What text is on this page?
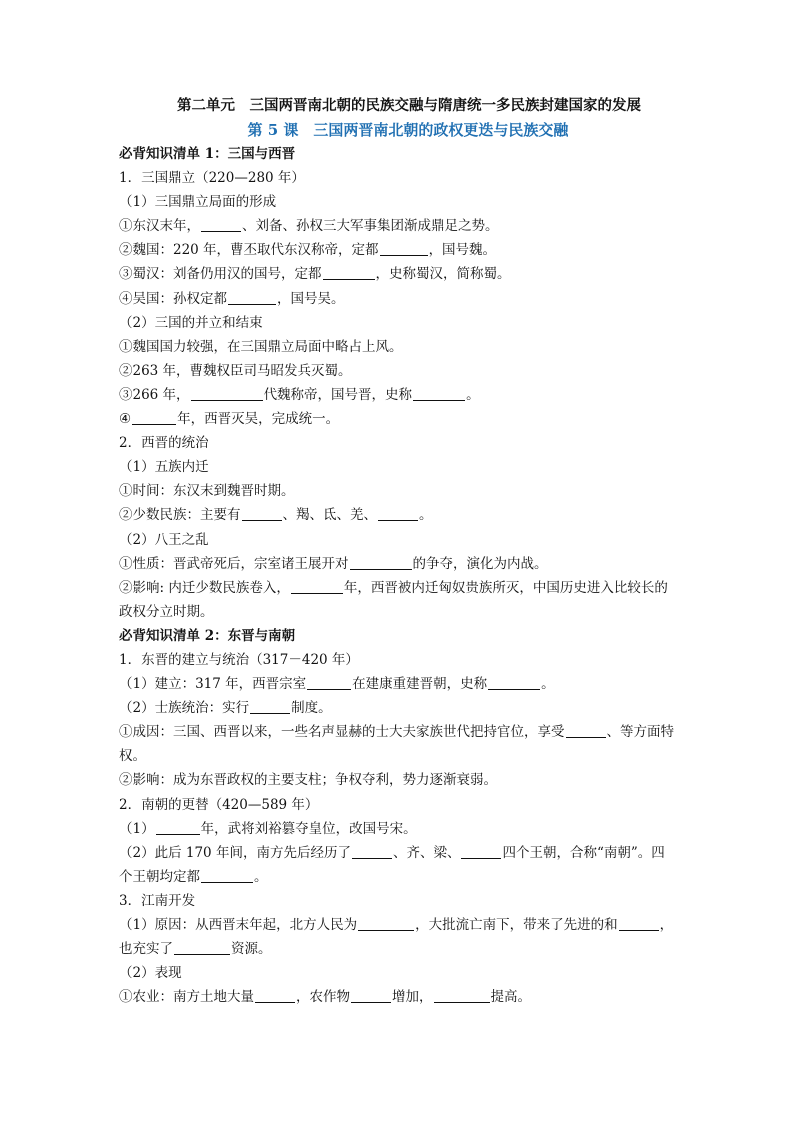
第二单元　三国两晋南北朝的民族交融与隋唐统一多民族封建国家的发展
第 5 课　三国两晋南北朝的政权更迭与民族交融
必背知识清单 1：三国与西晋
1．三国鼎立（220—280 年）
（1）三国鼎立局面的形成
①东汉末年，	、刘备、孙权三大军事集团渐成鼎足之势。
②魏国：220 年，曹丕取代东汉称帝，定都	，国号魏。
③蜀汉：刘备仍用汉的国号，定都	，史称蜀汉，简称蜀。
④吴国：孙权定都	，国号吴。
（2）三国的并立和结束
①魏国国力较强，在三国鼎立局面中略占上风。
②263 年，曹魏权臣司马昭发兵灭蜀。
③266 年，	代魏称帝，国号晋，史称	。
④	年，西晋灭吴，完成统一。
2．西晋的统治
（1）五族内迁
①时间：东汉末到魏晋时期。
②少数民族：主要有	、羯、氐、羌、	。
（2）八王之乱
①性质：晋武帝死后，宗室诸王展开对	的争夺，演化为内战。
②影响: 内迁少数民族卷入，	年，西晋被内迁匈奴贵族所灭，中国历史进入比较长的政权分立时期。
必背知识清单 2：东晋与南朝
1．东晋的建立与统治（317－420 年）
（1）建立：317 年，西晋宗室	在建康重建晋朝，史称	。
（2）士族统治：实行	制度。
①成因：三国、西晋以来，一些名声显赫的士大夫家族世代把持官位，享受	、等方面特权。
②影响：成为东晋政权的主要支柱；争权夺利，势力逐渐衰弱。
2．南朝的更替（420—589 年）
（1）	年，武将刘裕篡夺皇位，改国号宋。
（2）此后 170 年间，南方先后经历了	、齐、梁、	四个王朝，合称“南朝”。四个王朝均定都	。
3．江南开发
（1）原因：从西晋末年起，北方人民为	，大批流亡南下，带来了先进的和	，也充实了	资源。
（2）表现
①农业：南方土地大量	，农作物	增加，	提高。
